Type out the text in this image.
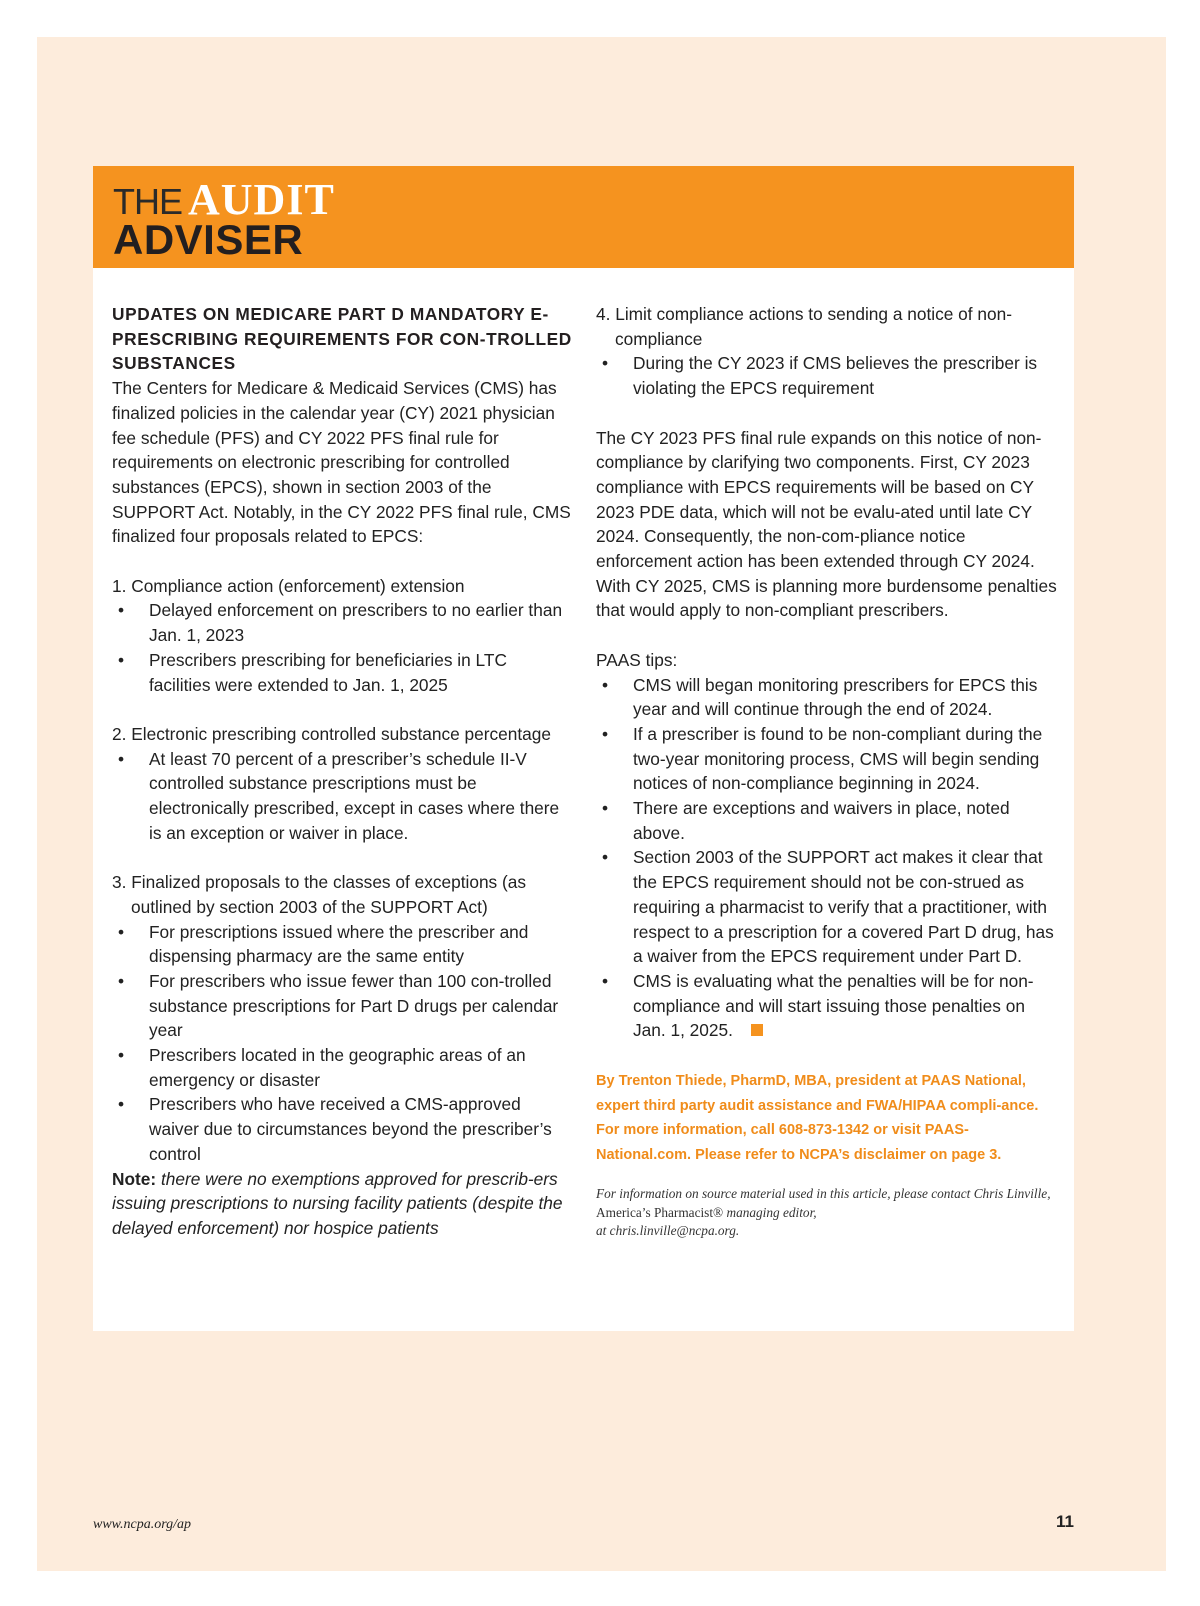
THE AUDIT
ADVISER

UPDATES ON MEDICARE PART D MANDATORY E-PRESCRIBING REQUIREMENTS FOR CON-TROLLED SUBSTANCES

The Centers for Medicare & Medicaid Services (CMS) has finalized policies in the calendar year (CY) 2021 physician fee schedule (PFS) and CY 2022 PFS final rule for requirements on electronic prescribing for controlled substances (EPCS), shown in section 2003 of the SUPPORT Act. Notably, in the CY 2022 PFS final rule, CMS finalized four proposals related to EPCS:

1. Compliance action (enforcement) extension

• Delayed enforcement on prescribers to no earlier than Jan. 1, 2023
• Prescribers prescribing for beneficiaries in LTC facilities were extended to Jan. 1, 2025

2. Electronic prescribing controlled substance percentage

• At least 70 percent of a prescriber’s schedule II-V controlled substance prescriptions must be electronically prescribed, except in cases where there is an exception or waiver in place.

3. Finalized proposals to the classes of exceptions (as outlined by section 2003 of the SUPPORT Act)

• For prescriptions issued where the prescriber and dispensing pharmacy are the same entity
• For prescribers who issue fewer than 100 con-trolled substance prescriptions for Part D drugs per calendar year
• Prescribers located in the geographic areas of an emergency or disaster
• Prescribers who have received a CMS-approved waiver due to circumstances beyond the prescriber’s control

Note: there were no exemptions approved for prescrib-ers issuing prescriptions to nursing facility patients (despite the delayed enforcement) nor hospice patients

4. Limit compliance actions to sending a notice of non-compliance

• During the CY 2023 if CMS believes the prescriber is violating the EPCS requirement

The CY 2023 PFS final rule expands on this notice of non-compliance by clarifying two components. First, CY 2023 compliance with EPCS requirements will be based on CY 2023 PDE data, which will not be evalu-ated until late CY 2024. Consequently, the non-com-pliance notice enforcement action has been extended through CY 2024. With CY 2025, CMS is planning more burdensome penalties that would apply to non-compliant prescribers.

PAAS tips:

• CMS will began monitoring prescribers for EPCS this year and will continue through the end of 2024.
• If a prescriber is found to be non-compliant during the two-year monitoring process, CMS will begin sending notices of non-compliance beginning in 2024.
• There are exceptions and waivers in place, noted above.
• Section 2003 of the SUPPORT act makes it clear that the EPCS requirement should not be con-strued as requiring a pharmacist to verify that a practitioner, with respect to a prescription for a covered Part D drug, has a waiver from the EPCS requirement under Part D.
• CMS is evaluating what the penalties will be for non-compliance and will start issuing those penalties on Jan. 1, 2025.

By Trenton Thiede, PharmD, MBA, president at PAAS National, expert third party audit assistance and FWA/HIPAA compli-ance. For more information, call 608-873-1342 or visit PAAS-National.com. Please refer to NCPA’s disclaimer on page 3.

For information on source material used in this article, please contact Chris Linville, America’s Pharmacist® managing editor,
at chris.linville@ncpa.org.

www.ncpa.org/ap	11
